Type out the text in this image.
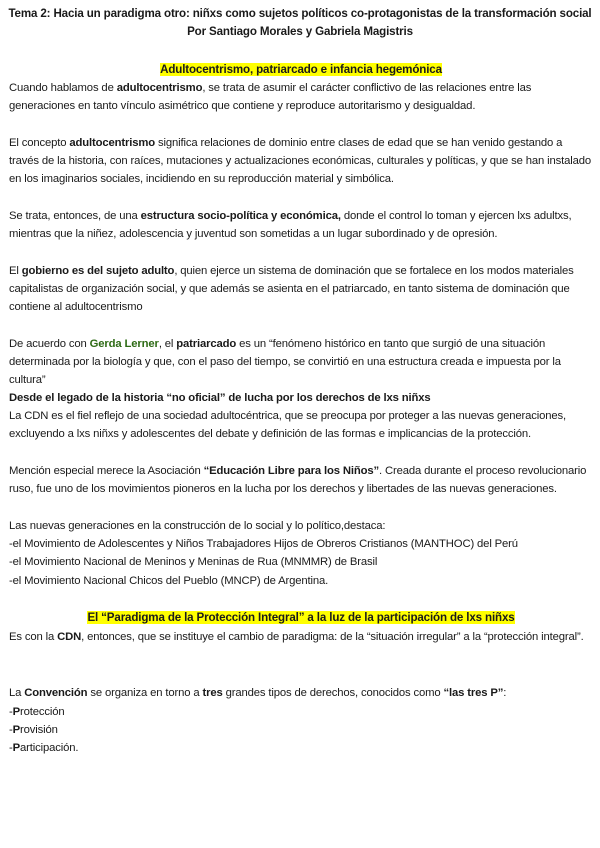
Tema 2: Hacia un paradigma otro: niñxs como sujetos políticos co-protagonistas de la transformación social Por Santiago Morales y Gabriela Magistris
Adultocentrismo, patriarcado e infancia hegemónica

Cuando hablamos de adultocentrismo, se trata de asumir el carácter conflictivo de las relaciones entre las generaciones en tanto vínculo asimétrico que contiene y reproduce autoritarismo y desigualdad.

El concepto adultocentrismo significa relaciones de dominio entre clases de edad que se han venido gestando a través de la historia, con raíces, mutaciones y actualizaciones económicas, culturales y políticas, y que se han instalado en los imaginarios sociales, incidiendo en su reproducción material y simbólica.

Se trata, entonces, de una estructura socio-política y económica, donde el control lo toman y ejercen lxs adultxs, mientras que la niñez, adolescencia y juventud son sometidas a un lugar subordinado y de opresión.

El gobierno es del sujeto adulto, quien ejerce un sistema de dominación que se fortalece en los modos materiales capitalistas de organización social, y que además se asienta en el patriarcado, en tanto sistema de dominación que contiene al adultocentrismo

De acuerdo con Gerda Lerner, el patriarcado es un “fenómeno histórico en tanto que surgió de una situación determinada por la biología y que, con el paso del tiempo, se convirtió en una estructura creada e impuesta por la cultura”

Desde el legado de la historia “no oficial” de lucha por los derechos de lxs niñxs

La CDN es el fiel reflejo de una sociedad adultocéntrica, que se preocupa por proteger a las nuevas generaciones, excluyendo a lxs niñxs y adolescentes del debate y definición de las formas e implicancias de la protección.

Mención especial merece la Asociación “Educación Libre para los Niños”. Creada durante el proceso revolucionario ruso, fue uno de los movimientos pioneros en la lucha por los derechos y libertades de las nuevas generaciones.

Las nuevas generaciones en la construcción de lo social y lo político,destaca:
-el Movimiento de Adolescentes y Niños Trabajadores Hijos de Obreros Cristianos (MANTHOC) del Perú
-el Movimiento Nacional de Meninos y Meninas de Rua (MNMMR) de Brasil
-el Movimiento Nacional Chicos del Pueblo (MNCP) de Argentina.
El “Paradigma de la Protección Integral” a la luz de la participación de lxs niñxs

Es con la CDN, entonces, que se instituye el cambio de paradigma: de la “situación irregular” a la “protección integral”.

La Convención se organiza en torno a tres grandes tipos de derechos, conocidos como “las tres P”:

-Protección
-Provisión
-Participación.
